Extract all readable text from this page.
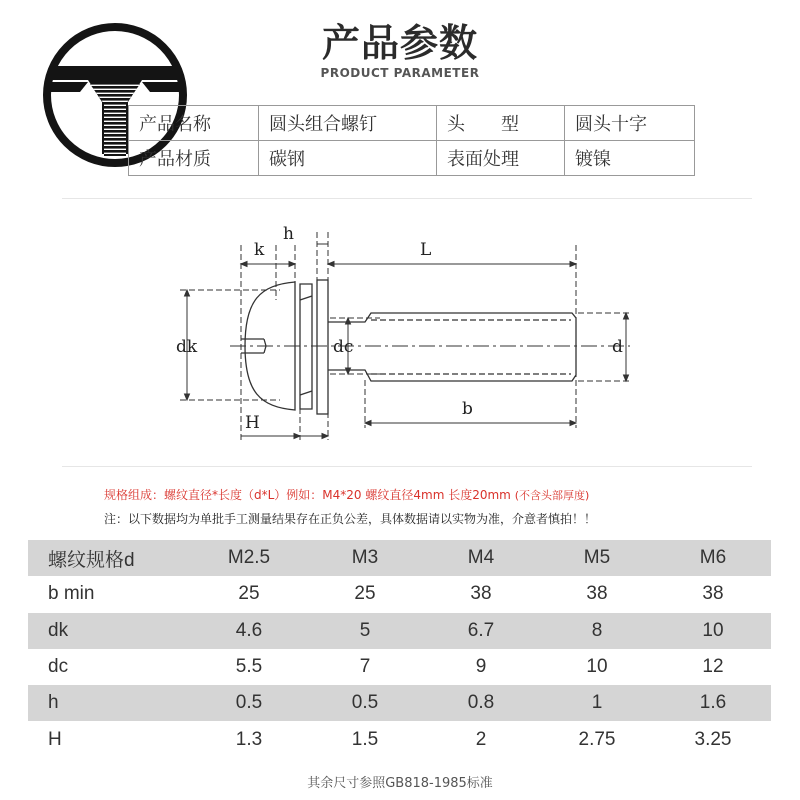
产品参数
PRODUCT PARAMETER
产品名称	圆头组合螺钉	头　　型	圆头十字
产品材质	碳钢	表面处理	镀镍
k
h
L
dk	dc	d
b
H
规格组成：螺纹直径*长度（d*L）例如：M4*20 螺纹直径4mm 长度20mm (不含头部厚度)
注：以下数据均为单批手工测量结果存在正负公差，具体数据请以实物为准，介意者慎拍！！
螺纹规格d	M2.5	M3	M4	M5	M6
b min	25	25	38	38	38
dk	4.6	5	6.7	8	10
dc	5.5	7	9	10	12
h	0.5	0.5	0.8	1	1.6
H	1.3	1.5	2	2.75	3.25
其余尺寸参照GB818-1985标准
